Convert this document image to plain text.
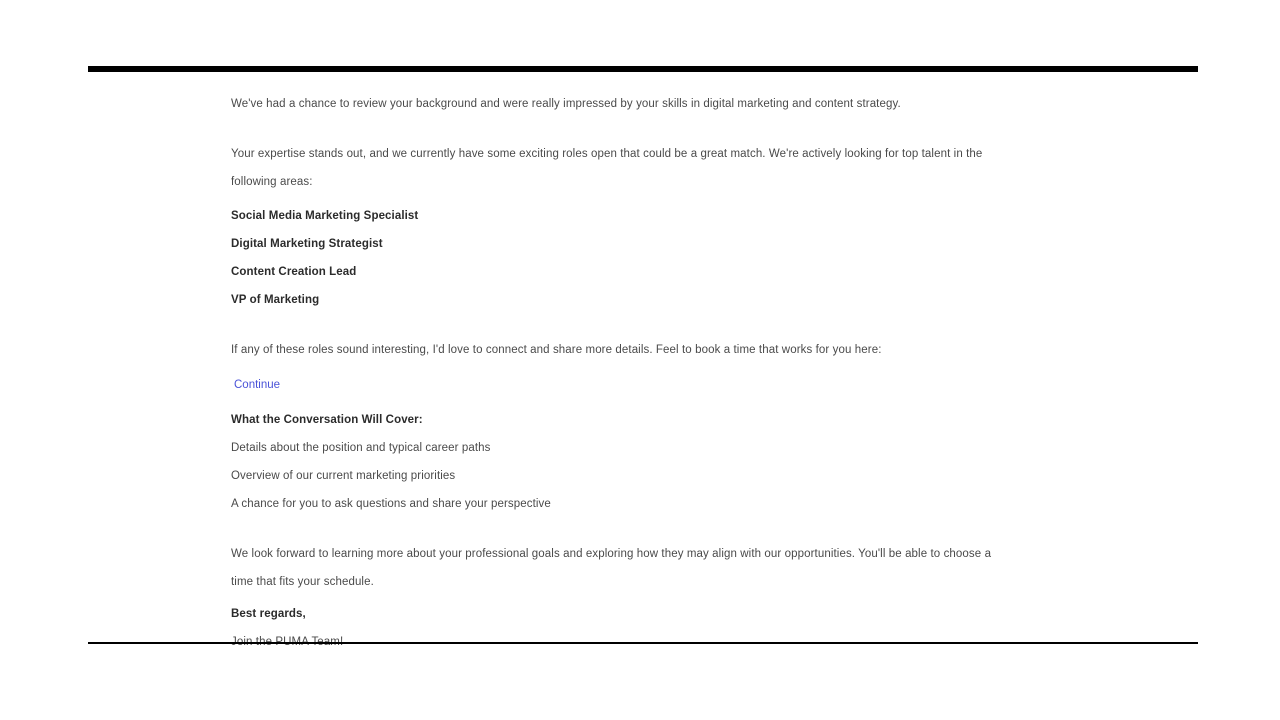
We've had a chance to review your background and were really impressed by your skills in digital marketing and content strategy.

Your expertise stands out, and we currently have some exciting roles open that could be a great match. We're actively looking for top talent in the following areas:

Social Media Marketing Specialist

Digital Marketing Strategist

Content Creation Lead

VP of Marketing

If any of these roles sound interesting, I'd love to connect and share more details. Feel to book a time that works for you here:

Continue

What the Conversation Will Cover:

Details about the position and typical career paths

Overview of our current marketing priorities

A chance for you to ask questions and share your perspective

We look forward to learning more about your professional goals and exploring how they may align with our opportunities. You'll be able to choose a time that fits your schedule.

Best regards,
